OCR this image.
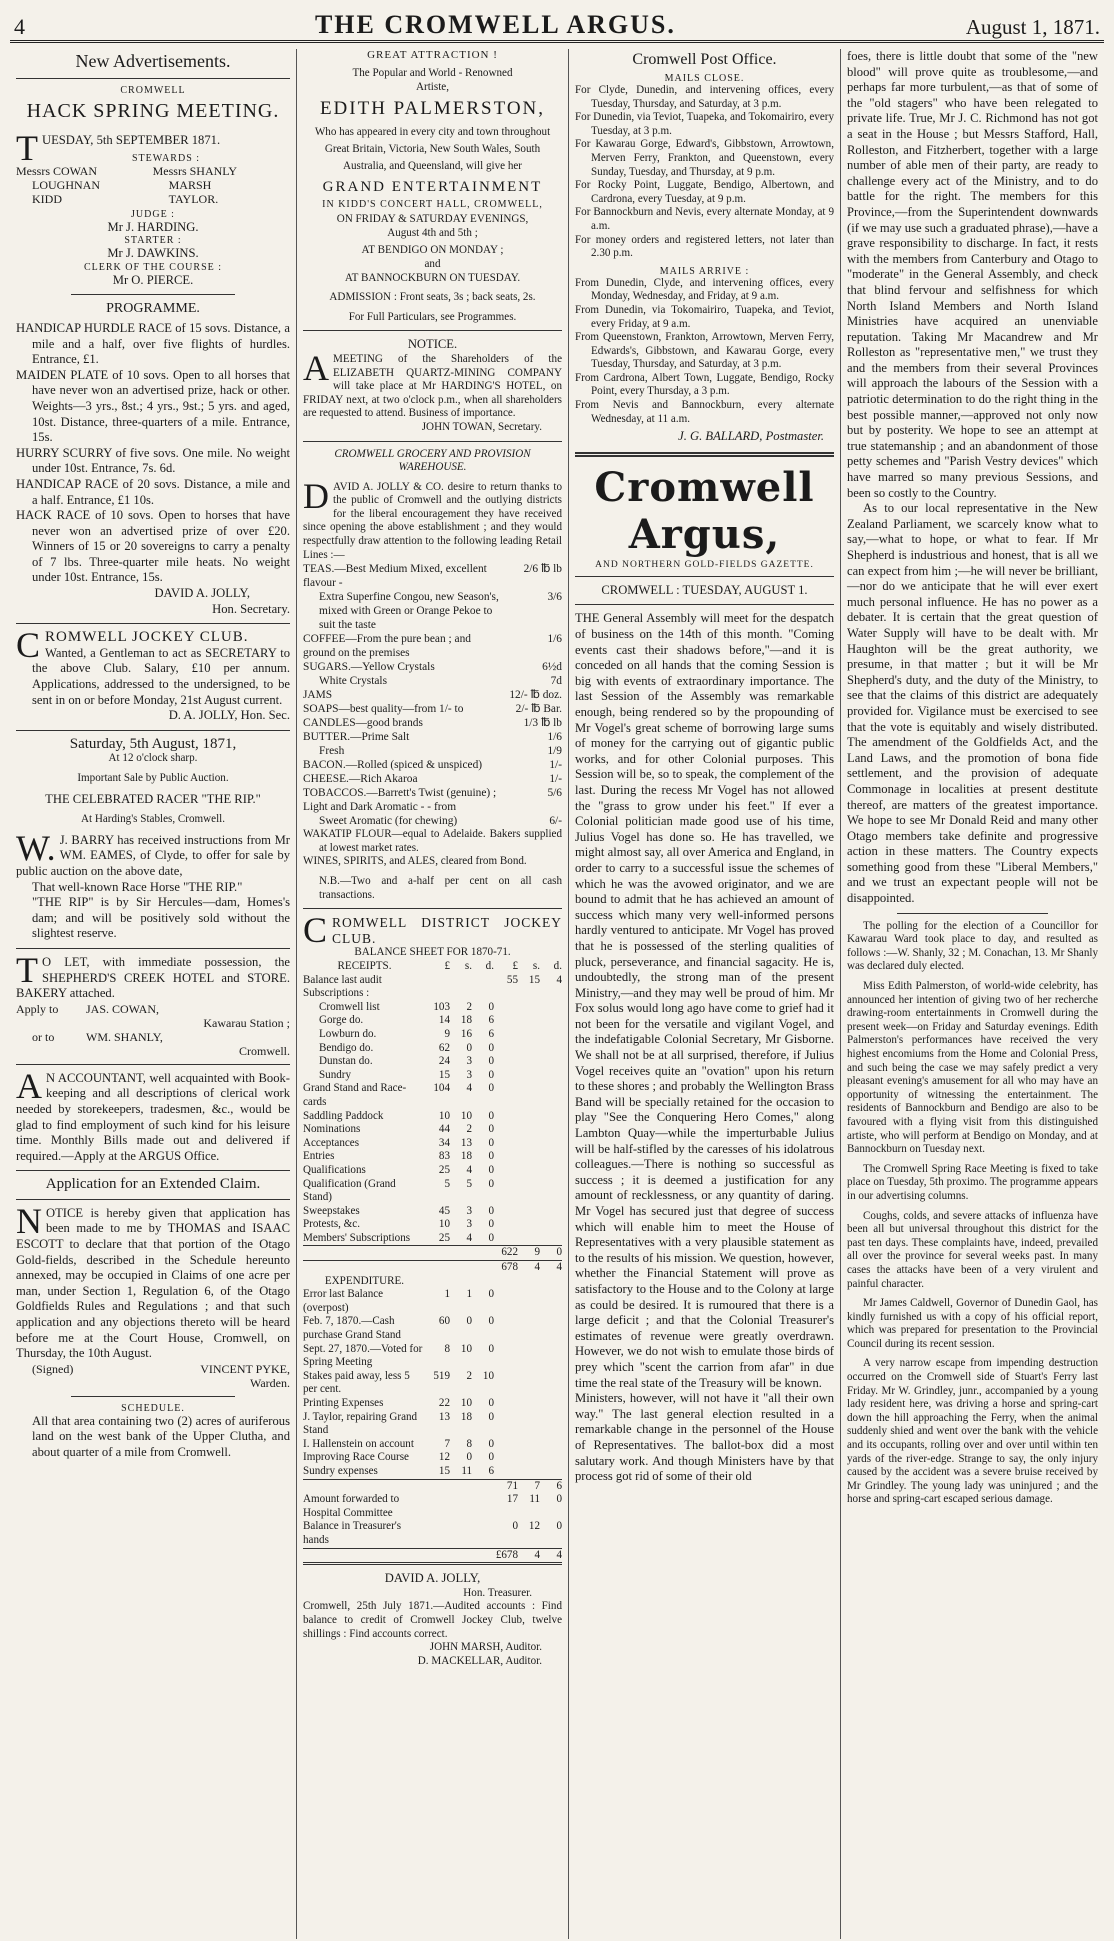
4	THE CROMWELL ARGUS.	August 1, 1871.
New Advertisements.
CROMWELL
HACK SPRING MEETING.
TUESDAY, 5th SEPTEMBER 1871.
STEWARDS :
Messrs COWAN	Messrs SHANLY
LOUGHNAN	MARSH
KIDD	TAYLOR.
JUDGE :
Mr J. HARDING.
STARTER :
Mr J. DAWKINS.
CLERK OF THE COURSE :
Mr O. PIERCE.
PROGRAMME.

HANDICAP HURDLE RACE of 15 sovs. Distance, a mile and a half, over five flights of hurdles. Entrance, £1.

MAIDEN PLATE of 10 sovs. Open to all horses that have never won an advertised prize, hack or other. Weights—3 yrs., 8st.; 4 yrs., 9st.; 5 yrs. and aged, 10st. Distance, three-quarters of a mile. Entrance, 15s.

HURRY SCURRY of five sovs. One mile. No weight under 10st. Entrance, 7s. 6d.

HANDICAP RACE of 20 sovs. Distance, a mile and a half. Entrance, £1 10s.

HACK RACE of 10 sovs. Open to horses that have never won an advertised prize of over £20. Winners of 15 or 20 sovereigns to carry a penalty of 7 lbs. Three-quarter mile heats. No weight under 10st. Entrance, 15s.

DAVID A. JOLLY,
Hon. Secretary.
CROMWELL JOCKEY CLUB.

Wanted, a Gentleman to act as SECRETARY to the above Club. Salary, £10 per annum. Applications, addressed to the undersigned, to be sent in on or before Monday, 21st August current.

D. A. JOLLY, Hon. Sec.
Saturday, 5th August, 1871,
At 12 o'clock sharp.
Important Sale by Public Auction.
THE CELEBRATED RACER "THE RIP."
At Harding's Stables, Cromwell.

W.J. BARRY has received instructions from Mr WM. EAMES, of Clyde, to offer for sale by public auction on the above date,

That well-known Race Horse "THE RIP."

"THE RIP" is by Sir Hercules—dam, Homes's dam; and will be positively sold without the slightest reserve.

TO LET, with immediate possession, the SHEPHERD'S CREEK HOTEL and STORE. BAKERY attached.

Apply to	JAS. COWAN,
	Kawarau Station ;
or to	WM. SHANLY,
	Cromwell.

AN ACCOUNTANT, well acquainted with Book-keeping and all descriptions of clerical work needed by storekeepers, tradesmen, &c., would be glad to find employment of such kind for his leisure time. Monthly Bills made out and delivered if required.—Apply at the ARGUS Office.

Application for an Extended Claim.

NOTICE is hereby given that application has been made to me by THOMAS and ISAAC ESCOTT to declare that that portion of the Otago Gold-fields, described in the Schedule hereunto annexed, may be occupied in Claims of one acre per man, under Section 1, Regulation 6, of the Otago Goldfields Rules and Regulations ; and that such application and any objections thereto will be heard before me at the Court House, Cromwell, on Thursday, the 10th August.

(Signed)	VINCENT PYKE,
	Warden.
SCHEDULE.

All that area containing two (2) acres of auriferous land on the west bank of the Upper Clutha, and about quarter of a mile from Cromwell.

GREAT ATTRACTION !
The Popular and World - Renowned
Artiste,
EDITH PALMERSTON,

Who has appeared in every city and town throughout Great Britain, Victoria, New South Wales, South Australia, and Queensland, will give her

GRAND ENTERTAINMENT
IN KIDD'S CONCERT HALL, CROMWELL,
ON FRIDAY & SATURDAY EVENINGS,
August 4th and 5th ;
AT BENDIGO ON MONDAY ;
and
AT BANNOCKBURN ON TUESDAY.
ADMISSION : Front seats, 3s ; back seats, 2s.
For Full Particulars, see Programmes.
NOTICE.

AMEETING of the Shareholders of the ELIZABETH QUARTZ-MINING COMPANY will take place at Mr HARDING'S HOTEL, on FRIDAY next, at two o'clock p.m., when all shareholders are requested to attend. Business of importance.

JOHN TOWAN, Secretary.
CROMWELL GROCERY AND PROVISION WAREHOUSE.

DAVID A. JOLLY & CO. desire to return thanks to the public of Cromwell and the outlying districts for the liberal encouragement they have received since opening the above establishment ; and they would respectfully draw attention to the following leading Retail Lines :—

TEAS.—Best Medium Mixed, excellent flavour -	2/6 ℔ lb
Extra Superfine Congou, new Season's, mixed with Green or Orange Pekoe to suit the taste	3/6
COFFEE—From the pure bean ; and ground on the premises	1/6
SUGARS.—Yellow Crystals	6½d
White Crystals	7d
JAMS	12/- ℔ doz.
SOAPS—best quality—from 1/- to	2/- ℔ Bar.
CANDLES—good brands	1/3 ℔ lb
BUTTER.—Prime Salt	1/6
Fresh	1/9
BACON.—Rolled (spiced & unspiced)	1/-
CHEESE.—Rich Akaroa	1/-
TOBACCOS.—Barrett's Twist (genuine) ; Light and Dark Aromatic - - from	5/6
Sweet Aromatic (for chewing)	6/-

WAKATIP FLOUR—equal to Adelaide. Bakers supplied at lowest market rates.

WINES, SPIRITS, and ALES, cleared from Bond.

N.B.—Two and a-half per cent on all cash transactions.

CROMWELL DISTRICT JOCKEY CLUB.
BALANCE SHEET FOR 1870-71.
RECEIPTS.	£	s.	d.	£	s.	d.
Balance last audit				55	15	4
Subscriptions :						
Cromwell list	103	2	0			
Gorge do.	14	18	6			
Lowburn do.	9	16	6			
Bendigo do.	62	0	0			
Dunstan do.	24	3	0			
Sundry	15	3	0			
Grand Stand and Race-cards	104	4	0			
Saddling Paddock	10	10	0			
Nominations	44	2	0			
Acceptances	34	13	0			
Entries	83	18	0			
Qualifications	25	4	0			
Qualification (Grand Stand)	5	5	0			
Sweepstakes	45	3	0			
Protests, &c.	10	3	0			
Members' Subscriptions	25	4	0			
				622	9	0
				678	4	4
EXPENDITURE.						
Error last Balance (overpost)	1	1	0			
Feb. 7, 1870.—Cash purchase Grand Stand	60	0	0			
Sept. 27, 1870.—Voted for Spring Meeting	8	10	0			
Stakes paid away, less 5 per cent.	519	2	10			
Printing Expenses	22	10	0			
J. Taylor, repairing Grand Stand	13	18	0			
I. Hallenstein on account	7	8	0			
Improving Race Course	12	0	0			
Sundry expenses	15	11	6			
				71	7	6
Amount forwarded to Hospital Committee				17	11	0
Balance in Treasurer's hands				0	12	0
				£678	4	4
DAVID A. JOLLY,
Hon. Treasurer.

Cromwell, 25th July 1871.—Audited accounts : Find balance to credit of Cromwell Jockey Club, twelve shillings : Find accounts correct.

JOHN MARSH, Auditor.
D. MACKELLAR, Auditor.
Cromwell Post Office.
MAILS CLOSE.

For Clyde, Dunedin, and intervening offices, every Tuesday, Thursday, and Saturday, at 3 p.m.

For Dunedin, via Teviot, Tuapeka, and Tokomairiro, every Tuesday, at 3 p.m.

For Kawarau Gorge, Edward's, Gibbstown, Arrowtown, Merven Ferry, Frankton, and Queenstown, every Sunday, Tuesday, and Thursday, at 9 p.m.

For Rocky Point, Luggate, Bendigo, Albertown, and Cardrona, every Tuesday, at 9 p.m.

For Bannockburn and Nevis, every alternate Monday, at 9 a.m.

For money orders and registered letters, not later than 2.30 p.m.

MAILS ARRIVE :

From Dunedin, Clyde, and intervening offices, every Monday, Wednesday, and Friday, at 9 a.m.

From Dunedin, via Tokomairiro, Tuapeka, and Teviot, every Friday, at 9 a.m.

From Queenstown, Frankton, Arrowtown, Merven Ferry, Edwards's, Gibbstown, and Kawarau Gorge, every Tuesday, Thursday, and Saturday, at 3 p.m.

From Cardrona, Albert Town, Luggate, Bendigo, Rocky Point, every Thursday, a 3 p.m.

From Nevis and Bannockburn, every alternate Wednesday, at 11 a.m.

J. G. BALLARD, Postmaster.
Cromwell Argus,
AND NORTHERN GOLD-FIELDS GAZETTE.
CROMWELL : TUESDAY, AUGUST 1.

THE General Assembly will meet for the despatch of business on the 14th of this month. "Coming events cast their shadows before,"—and it is conceded on all hands that the coming Session is big with events of extraordinary importance. The last Session of the Assembly was remarkable enough, being rendered so by the propounding of Mr Vogel's great scheme of borrowing large sums of money for the carrying out of gigantic public works, and for other Colonial purposes. This Session will be, so to speak, the complement of the last. During the recess Mr Vogel has not allowed the "grass to grow under his feet." If ever a Colonial politician made good use of his time, Julius Vogel has done so. He has travelled, we might almost say, all over America and England, in order to carry to a successful issue the schemes of which he was the avowed originator, and we are bound to admit that he has achieved an amount of success which many very well-informed persons hardly ventured to anticipate. Mr Vogel has proved that he is possessed of the sterling qualities of pluck, perseverance, and financial sagacity. He is, undoubtedly, the strong man of the present Ministry,—and they may well be proud of him. Mr Fox solus would long ago have come to grief had it not been for the versatile and vigilant Vogel, and the indefatigable Colonial Secretary, Mr Gisborne. We shall not be at all surprised, therefore, if Julius Vogel receives quite an "ovation" upon his return to these shores ; and probably the Wellington Brass Band will be specially retained for the occasion to play "See the Conquering Hero Comes," along Lambton Quay—while the imperturbable Julius will be half-stifled by the caresses of his idolatrous colleagues.—There is nothing so successful as success ; it is deemed a justification for any amount of recklessness, or any quantity of daring. Mr Vogel has secured just that degree of success which will enable him to meet the House of Representatives with a very plausible statement as to the results of his mission. We question, however, whether the Financial Statement will prove as satisfactory to the House and to the Colony at large as could be desired. It is rumoured that there is a large deficit ; and that the Colonial Treasurer's estimates of revenue were greatly overdrawn. However, we do not wish to emulate those birds of prey which "scent the carrion from afar" in due time the real state of the Treasury will be known.

Ministers, however, will not have it "all their own way." The last general election resulted in a remarkable change in the personnel of the House of Representatives. The ballot-box did a most salutary work. And though Ministers have by that process got rid of some of their old

foes, there is little doubt that some of the "new blood" will prove quite as troublesome,—and perhaps far more turbulent,—as that of some of the "old stagers" who have been relegated to private life. True, Mr J. C. Richmond has not got a seat in the House ; but Messrs Stafford, Hall, Rolleston, and Fitzherbert, together with a large number of able men of their party, are ready to challenge every act of the Ministry, and to do battle for the right. The members for this Province,—from the Superintendent downwards (if we may use such a graduated phrase),—have a grave responsibility to discharge. In fact, it rests with the members from Canterbury and Otago to "moderate" in the General Assembly, and check that blind fervour and selfishness for which North Island Members and North Island Ministries have acquired an unenviable reputation. Taking Mr Macandrew and Mr Rolleston as "representative men," we trust they and the members from their several Provinces will approach the labours of the Session with a patriotic determination to do the right thing in the best possible manner,—approved not only now but by posterity. We hope to see an attempt at true statemanship ; and an abandonment of those petty schemes and "Parish Vestry devices" which have marred so many previous Sessions, and been so costly to the Country.

As to our local representative in the New Zealand Parliament, we scarcely know what to say,—what to hope, or what to fear. If Mr Shepherd is industrious and honest, that is all we can expect from him ;—he will never be brilliant,—nor do we anticipate that he will ever exert much personal influence. He has no power as a debater. It is certain that the great question of Water Supply will have to be dealt with. Mr Haughton will be the great authority, we presume, in that matter ; but it will be Mr Shepherd's duty, and the duty of the Ministry, to see that the claims of this district are adequately provided for. Vigilance must be exercised to see that the vote is equitably and wisely distributed. The amendment of the Goldfields Act, and the Land Laws, and the promotion of bona fide settlement, and the provision of adequate Commonage in localities at present destitute thereof, are matters of the greatest importance. We hope to see Mr Donald Reid and many other Otago members take definite and progressive action in these matters. The Country expects something good from these "Liberal Members," and we trust an expectant people will not be disappointed.

The polling for the election of a Councillor for Kawarau Ward took place to day, and resulted as follows :—W. Shanly, 32 ; M. Conachan, 13. Mr Shanly was declared duly elected.

Miss Edith Palmerston, of world-wide celebrity, has announced her intention of giving two of her recherche drawing-room entertainments in Cromwell during the present week—on Friday and Saturday evenings. Edith Palmerston's performances have received the very highest encomiums from the Home and Colonial Press, and such being the case we may safely predict a very pleasant evening's amusement for all who may have an opportunity of witnessing the entertainment. The residents of Bannockburn and Bendigo are also to be favoured with a flying visit from this distinguished artiste, who will perform at Bendigo on Monday, and at Bannockburn on Tuesday next.

The Cromwell Spring Race Meeting is fixed to take place on Tuesday, 5th proximo. The programme appears in our advertising columns.

Coughs, colds, and severe attacks of influenza have been all but universal throughout this district for the past ten days. These complaints have, indeed, prevailed all over the province for several weeks past. In many cases the attacks have been of a very virulent and painful character.

Mr James Caldwell, Governor of Dunedin Gaol, has kindly furnished us with a copy of his official report, which was prepared for presentation to the Provincial Council during its recent session.

A very narrow escape from impending destruction occurred on the Cromwell side of Stuart's Ferry last Friday. Mr W. Grindley, junr., accompanied by a young lady resident here, was driving a horse and spring-cart down the hill approaching the Ferry, when the animal suddenly shied and went over the bank with the vehicle and its occupants, rolling over and over until within ten yards of the river-edge. Strange to say, the only injury caused by the accident was a severe bruise received by Mr Grindley. The young lady was uninjured ; and the horse and spring-cart escaped serious damage.
